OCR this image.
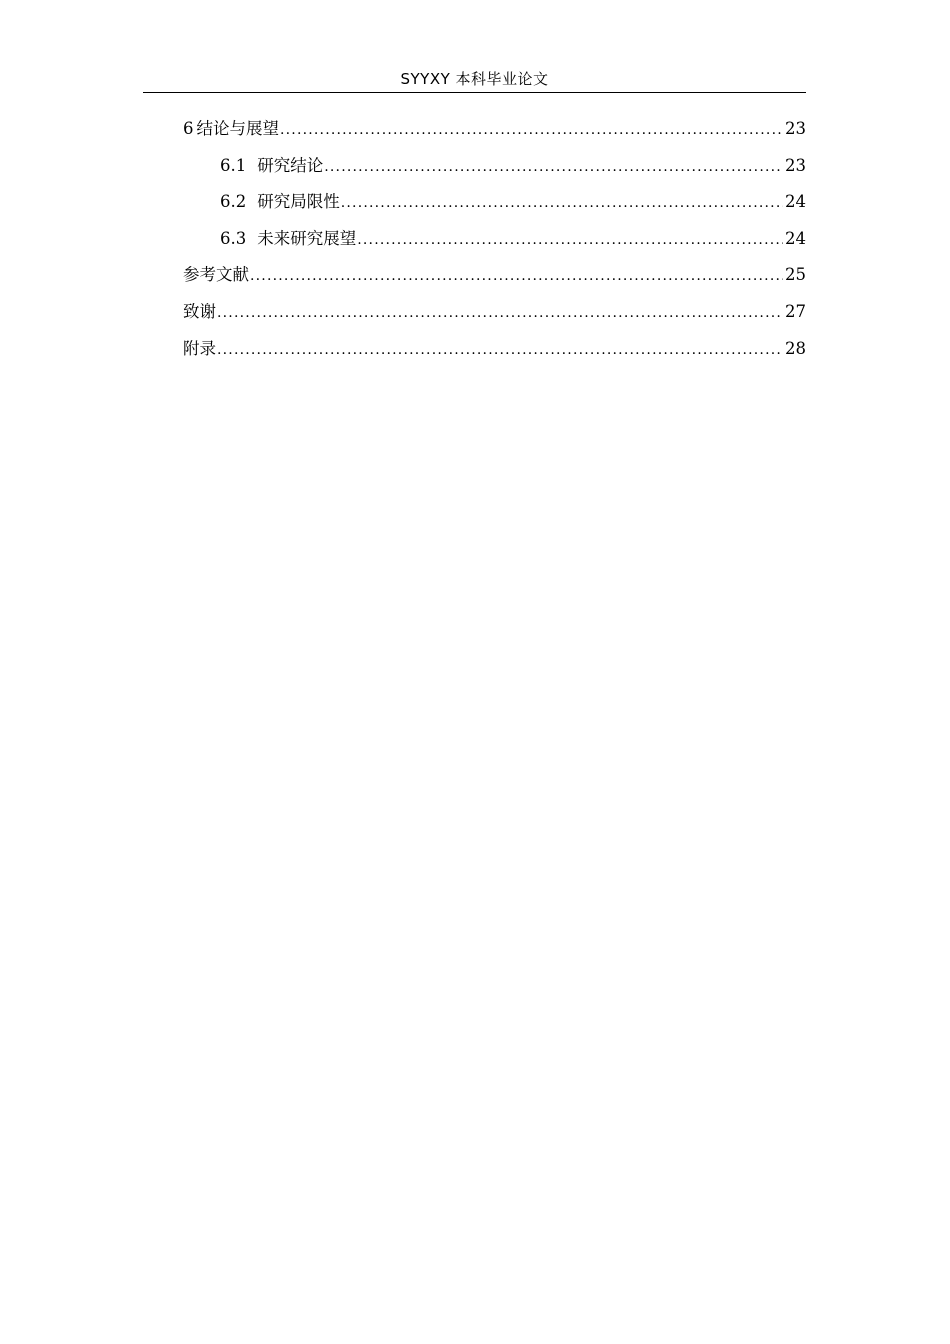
SYYXY 本科毕业论文
6 结论与展望 .....	23
6.1 研究结论 .....	23
6.2 研究局限性 .....	24
6.3 未来研究展望 .....	24
参考文献 .....	25
致谢 .....	27
附录 .....	28
